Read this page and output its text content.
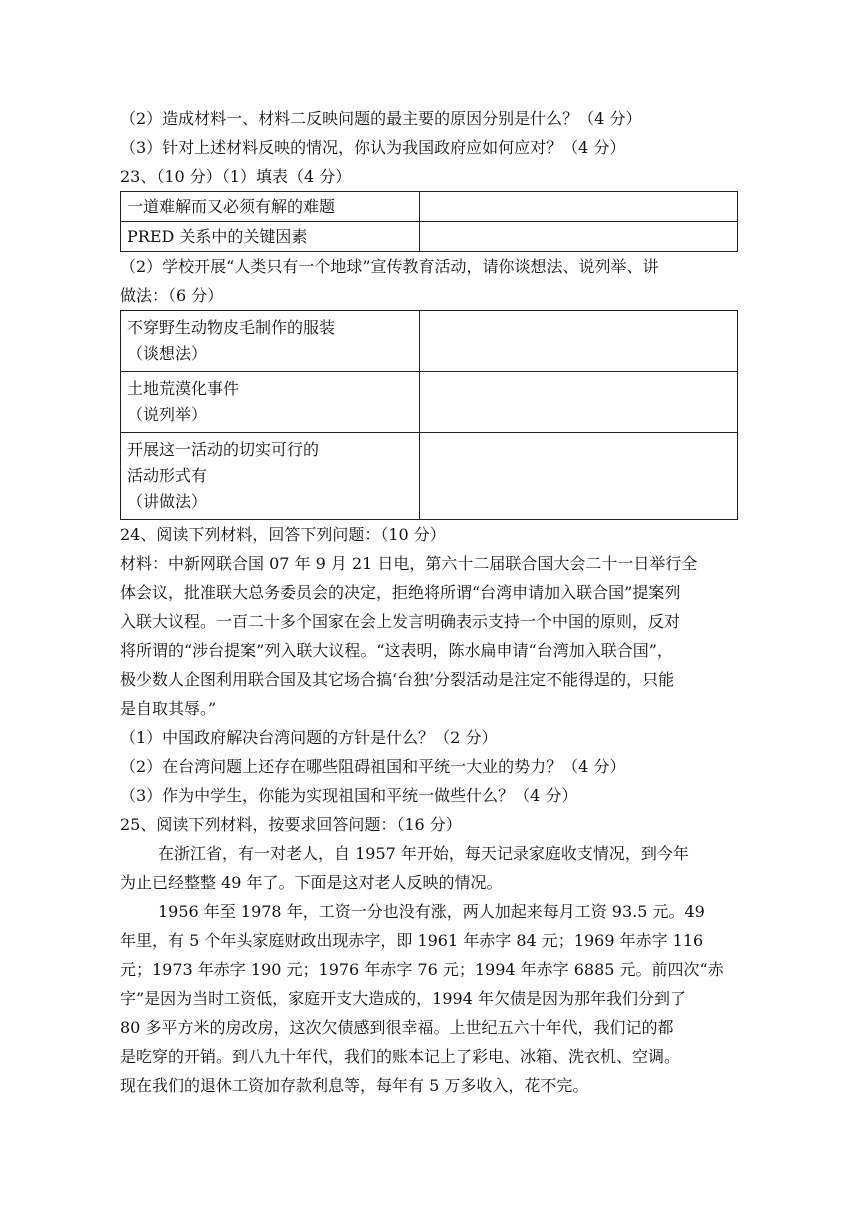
（2）造成材料一、材料二反映问题的最主要的原因分别是什么？（4 分）
（3）针对上述材料反映的情况，你认为我国政府应如何应对？（4 分）
23、（10 分）（1）填表（4 分）
一道难解而又必须有解的难题	
PRED 关系中的关键因素	
（2）学校开展“人类只有一个地球”宣传教育活动，请你谈想法、说列举、讲
做法：（6 分）
不穿野生动物皮毛制作的服装
（谈想法）	

土地荒漠化事件
（说列举）	

开展这一活动的切实可行的
活动形式有
（讲做法）	

24、阅读下列材料，回答下列问题：（10 分）
材料：中新网联合国 07 年 9 月 21 日电，第六十二届联合国大会二十一日举行全
体会议，批准联大总务委员会的决定，拒绝将所谓“台湾申请加入联合国”提案列
入联大议程。一百二十多个国家在会上发言明确表示支持一个中国的原则，反对
将所谓的“涉台提案”列入联大议程。“这表明，陈水扁申请“台湾加入联合国”，
极少数人企图利用联合国及其它场合搞‘台独’分裂活动是注定不能得逞的，只能
是自取其辱。”
（1）中国政府解决台湾问题的方针是什么？（2 分）
（2）在台湾问题上还存在哪些阻碍祖国和平统一大业的势力？（4 分）
（3）作为中学生，你能为实现祖国和平统一做些什么？（4 分）
25、阅读下列材料，按要求回答问题：（16 分）
在浙江省，有一对老人，自 1957 年开始，每天记录家庭收支情况，到今年
为止已经整整 49 年了。下面是这对老人反映的情况。
1956 年至 1978 年，工资一分也没有涨，两人加起来每月工资 93.5 元。49
年里，有 5 个年头家庭财政出现赤字，即 1961 年赤字 84 元；1969 年赤字 116
元；1973 年赤字 190 元；1976 年赤字 76 元；1994 年赤字 6885 元。前四次“赤
字”是因为当时工资低，家庭开支大造成的，1994 年欠债是因为那年我们分到了
80 多平方米的房改房，这次欠债感到很幸福。上世纪五六十年代，我们记的都
是吃穿的开销。到八九十年代，我们的账本记上了彩电、冰箱、洗衣机、空调。
现在我们的退休工资加存款利息等，每年有 5 万多收入，花不完。
